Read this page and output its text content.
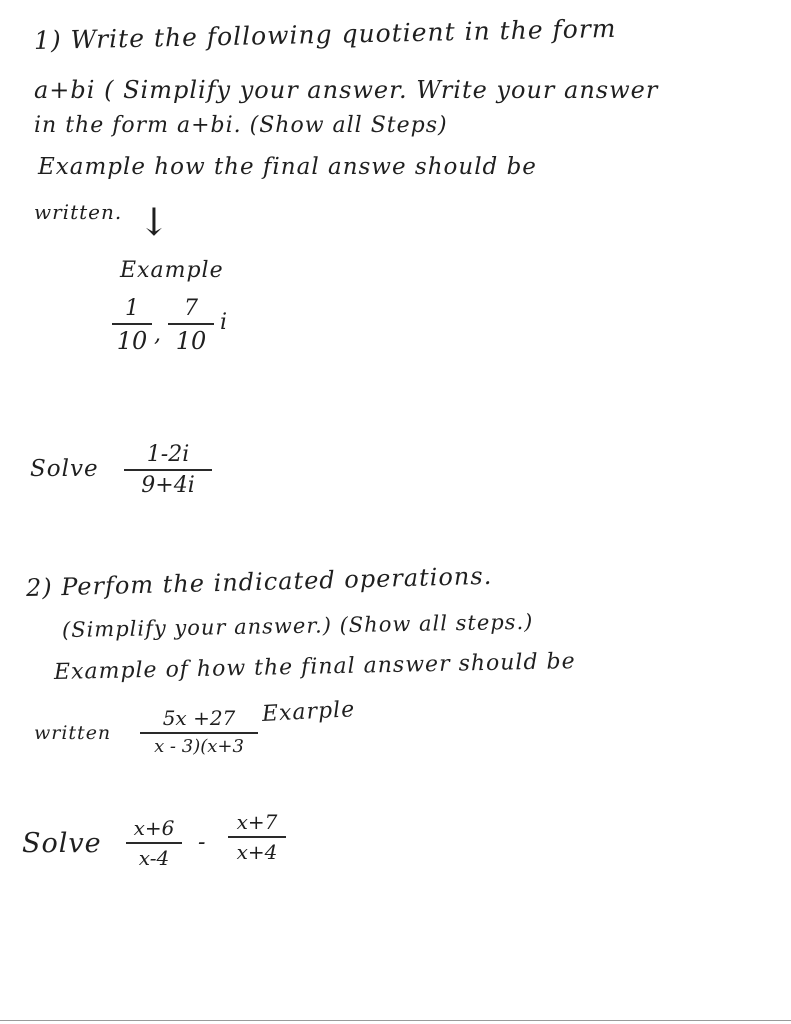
1) Write the following quotient in the form
a+bi ( Simplify your answer. Write your answer
in the form a+bi. (Show all Steps)
Example how the final answe should be
written. ↓
Example
1
10 ,
7
10
i
Solve
1-2i
9+4i
2) Perfom the indicated operations.
(Simplify your answer.) (Show all steps.)
Example of how the final answer should be
written
5x +27
x - 3)(x+3
Exarple
Solve	x+6
x-4
-
x+7
x+4
